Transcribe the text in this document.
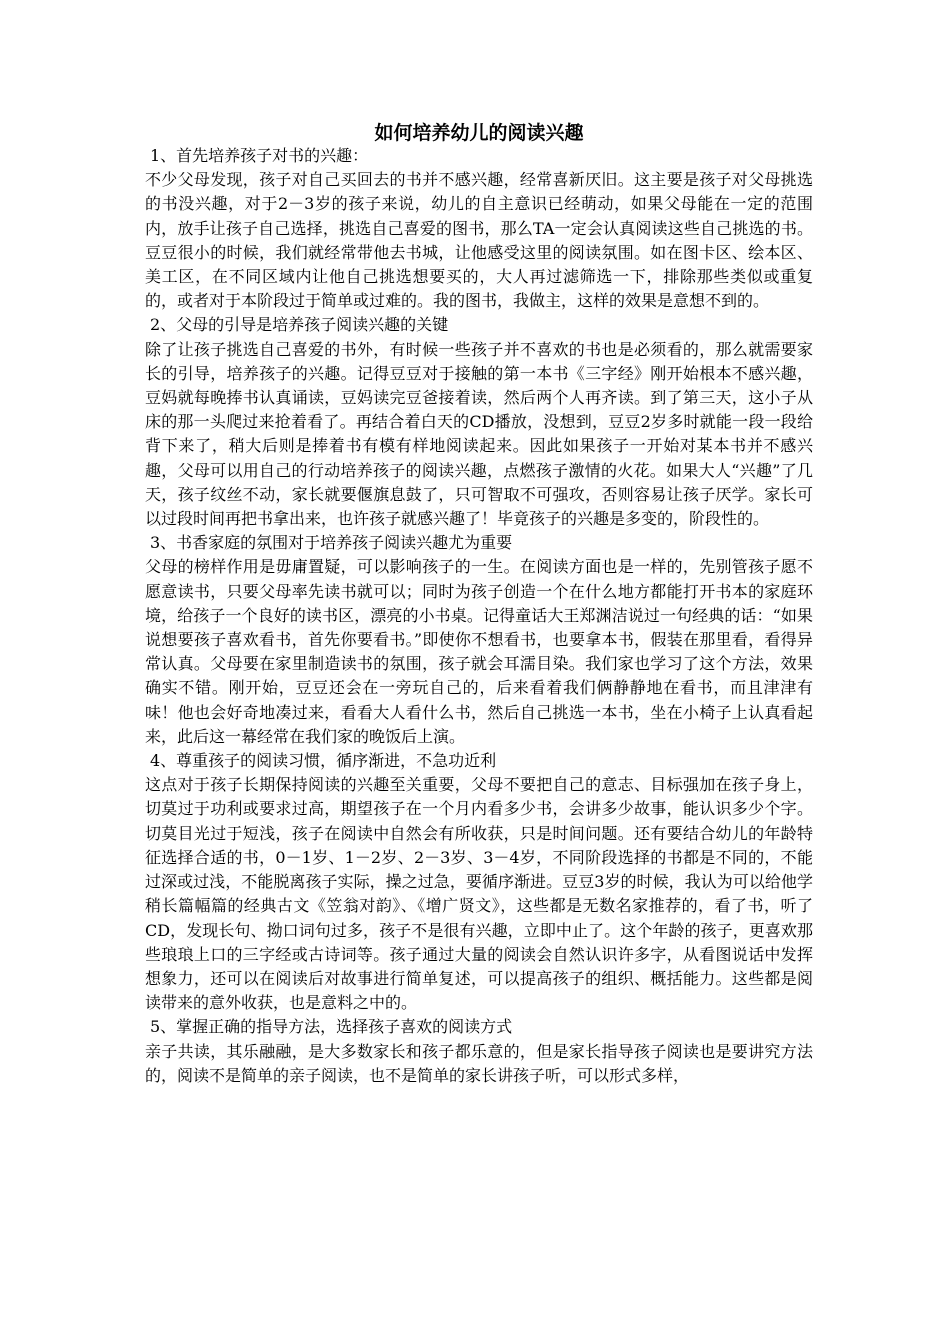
如何培养幼儿的阅读兴趣

1、首先培养孩子对书的兴趣：

不少父母发现，孩子对自己买回去的书并不感兴趣，经常喜新厌旧。这主要是孩子对父母挑选的书没兴趣，对于2－3岁的孩子来说，幼儿的自主意识已经萌动，如果父母能在一定的范围内，放手让孩子自己选择，挑选自己喜爱的图书，那么TA一定会认真阅读这些自己挑选的书。豆豆很小的时候，我们就经常带他去书城，让他感受这里的阅读氛围。如在图卡区、绘本区、美工区，在不同区域内让他自己挑选想要买的，大人再过滤筛选一下，排除那些类似或重复的，或者对于本阶段过于简单或过难的。我的图书，我做主，这样的效果是意想不到的。

2、父母的引导是培养孩子阅读兴趣的关键

除了让孩子挑选自己喜爱的书外，有时候一些孩子并不喜欢的书也是必须看的，那么就需要家长的引导，培养孩子的兴趣。记得豆豆对于接触的第一本书《三字经》刚开始根本不感兴趣，豆妈就每晚捧书认真诵读，豆妈读完豆爸接着读，然后两个人再齐读。到了第三天，这小子从床的那一头爬过来抢着看了。再结合着白天的CD播放，没想到，豆豆2岁多时就能一段一段给背下来了，稍大后则是捧着书有模有样地阅读起来。因此如果孩子一开始对某本书并不感兴趣，父母可以用自己的行动培养孩子的阅读兴趣，点燃孩子激情的火花。如果大人“兴趣”了几天，孩子纹丝不动，家长就要偃旗息鼓了，只可智取不可强攻，否则容易让孩子厌学。家长可以过段时间再把书拿出来，也许孩子就感兴趣了！毕竟孩子的兴趣是多变的，阶段性的。

3、书香家庭的氛围对于培养孩子阅读兴趣尤为重要

父母的榜样作用是毋庸置疑，可以影响孩子的一生。在阅读方面也是一样的，先别管孩子愿不愿意读书，只要父母率先读书就可以；同时为孩子创造一个在什么地方都能打开书本的家庭环境，给孩子一个良好的读书区，漂亮的小书桌。记得童话大王郑渊洁说过一句经典的话：“如果说想要孩子喜欢看书，首先你要看书。”即使你不想看书，也要拿本书，假装在那里看，看得异常认真。父母要在家里制造读书的氛围，孩子就会耳濡目染。我们家也学习了这个方法，效果确实不错。刚开始，豆豆还会在一旁玩自己的，后来看着我们俩静静地在看书，而且津津有味！他也会好奇地凑过来，看看大人看什么书，然后自己挑选一本书，坐在小椅子上认真看起来，此后这一幕经常在我们家的晚饭后上演。

4、尊重孩子的阅读习惯，循序渐进，不急功近利

这点对于孩子长期保持阅读的兴趣至关重要，父母不要把自己的意志、目标强加在孩子身上，切莫过于功利或要求过高，期望孩子在一个月内看多少书，会讲多少故事，能认识多少个字。切莫目光过于短浅，孩子在阅读中自然会有所收获，只是时间问题。还有要结合幼儿的年龄特征选择合适的书，0－1岁、1－2岁、2－3岁、3－4岁，不同阶段选择的书都是不同的，不能过深或过浅，不能脱离孩子实际，操之过急，要循序渐进。豆豆3岁的时候，我认为可以给他学稍长篇幅篇的经典古文《笠翁对韵》、《增广贤文》，这些都是无数名家推荐的，看了书，听了CD，发现长句、拗口词句过多，孩子不是很有兴趣，立即中止了。这个年龄的孩子，更喜欢那些琅琅上口的三字经或古诗词等。孩子通过大量的阅读会自然认识许多字，从看图说话中发挥想象力，还可以在阅读后对故事进行简单复述，可以提高孩子的组织、概括能力。这些都是阅读带来的意外收获，也是意料之中的。

5、掌握正确的指导方法，选择孩子喜欢的阅读方式

亲子共读，其乐融融，是大多数家长和孩子都乐意的，但是家长指导孩子阅读也是要讲究方法的，阅读不是简单的亲子阅读，也不是简单的家长讲孩子听，可以形式多样，
